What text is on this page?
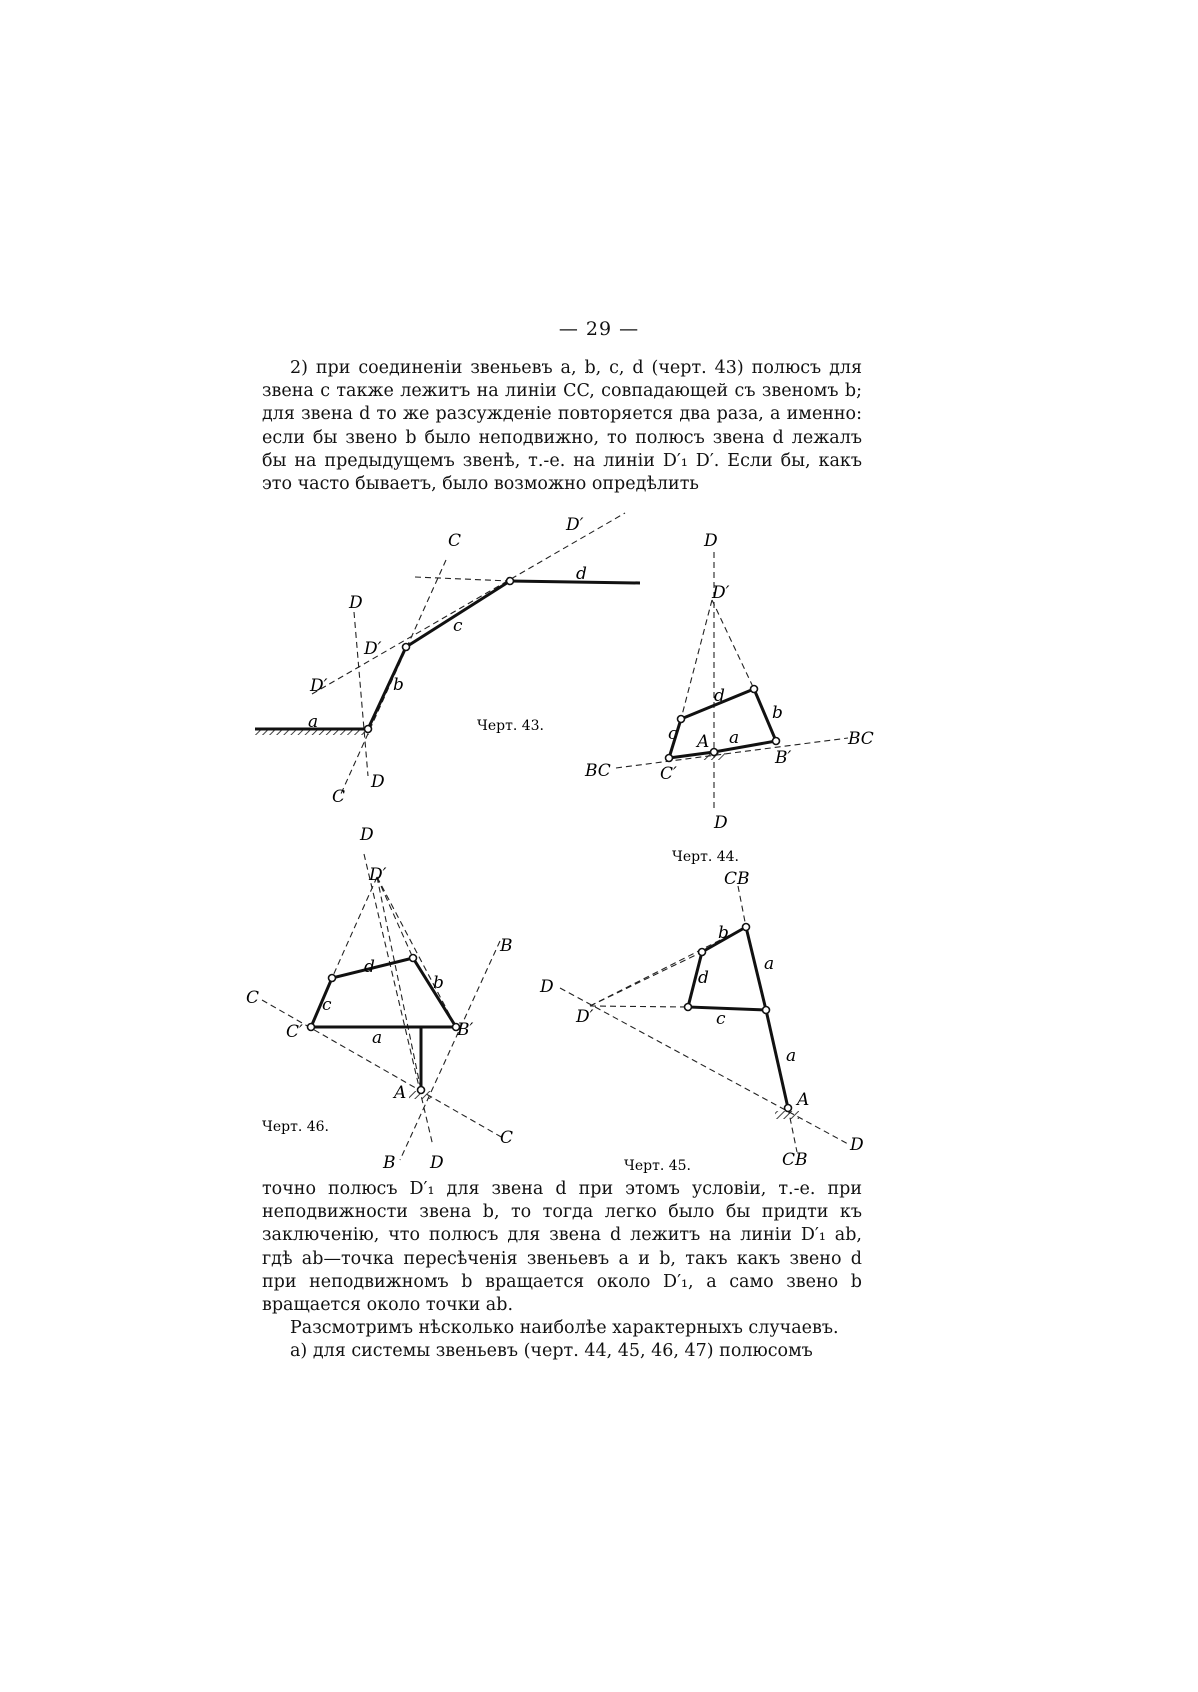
— 29 —

2) при соединеніи звеньевъ a, b, c, d (черт. 43) полюсъ для звена c также лежитъ на линіи CC, совпадающей съ звеномъ b; для звена d то же разсужденіе повторяется два раза, а именно: если бы звено b было неподвижно, то полюсъ звена d лежалъ бы на предыдущемъ звенѣ, т.-е. на линіи D′₁ D′. Если бы, какъ это часто бываетъ, было возможно опредѣлить

C
D′
d
D
c
D′
D′	b
a
D
C
Черт. 43.
D
D′
d
b
c A a	BC
BC	C′
B′
D
Черт. 44.
D
D′
B
d
b
C	c
C′	a	B′
A
C
B D
Черт. 46.
CB
b
a
D	d
D′	c
a
A
D
CB
Черт. 45.

точно полюсъ D′₁ для звена d при этомъ условіи, т.-е. при неподвижности звена b, то тогда легко было бы придти къ заключенію, что полюсъ для звена d лежитъ на линіи D′₁ ab, гдѣ ab—точка пересѣченія звеньевъ a и b, такъ какъ звено d при неподвижномъ b вращается около D′₁, а само звено b вращается около точки ab.

Разсмотримъ нѣсколько наиболѣе характерныхъ случаевъ.

а) для системы звеньевъ (черт. 44, 45, 46, 47) полюсомъ
